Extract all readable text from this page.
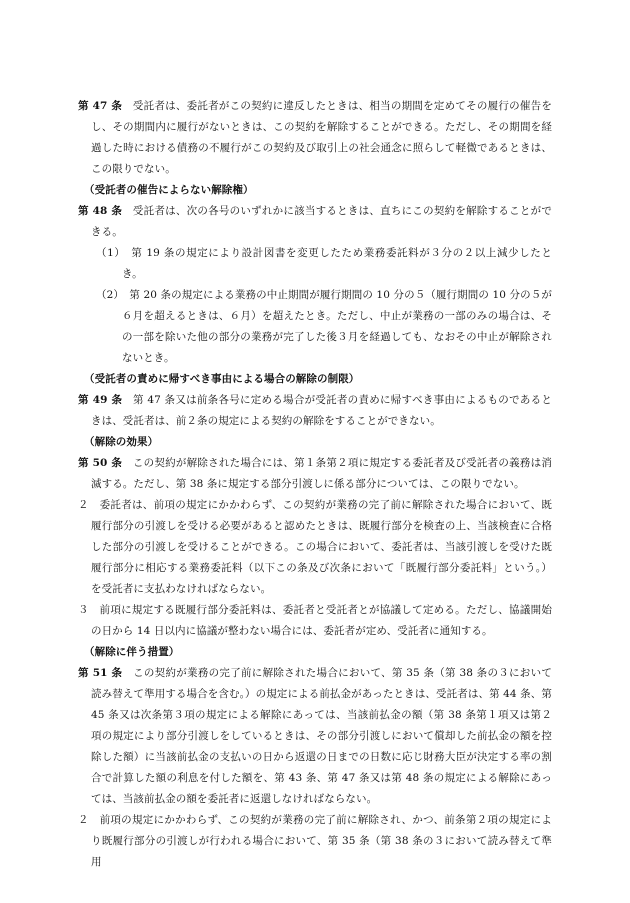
第 47 条　 受託者は、委託者がこの契約に違反したときは、相当の期間を定めてその履行の催告をし、その期間内に履行がないときは、この契約を解除することができる。ただし、その期間を経過した時における債務の不履行がこの契約及び取引上の社会通念に照らして軽微であるときは、この限りでない。

（受託者の催告によらない解除権）

第 48 条　 受託者は、次の各号のいずれかに該当するときは、直ちにこの契約を解除することができる。

（1）　第 19 条の規定により設計図書を変更したため業務委託料が３分の２以上減少したとき。

（2）　第 20 条の規定による業務の中止期間が履行期間の 10 分の５（履行期間の 10 分の５が６月を超えるときは、６月）を超えたとき。ただし、中止が業務の一部のみの場合は、その一部を除いた他の部分の業務が完了した後３月を経過しても、なおその中止が解除されないとき。

（受託者の責めに帰すべき事由による場合の解除の制限）

第 49 条　 第 47 条又は前条各号に定める場合が受託者の責めに帰すべき事由によるものであるときは、受託者は、前２条の規定による契約の解除をすることができない。

（解除の効果）

第 50 条　 この契約が解除された場合には、第１条第２項に規定する委託者及び受託者の義務は消滅する。ただし、第 38 条に規定する部分引渡しに係る部分については、この限りでない。

２　委託者は、前項の規定にかかわらず、この契約が業務の完了前に解除された場合において、既履行部分の引渡しを受ける必要があると認めたときは、既履行部分を検査の上、当該検査に合格した部分の引渡しを受けることができる。この場合において、委託者は、当該引渡しを受けた既履行部分に相応する業務委託料（以下この条及び次条において「既履行部分委託料」という。）を受託者に支払わなければならない。

３　前項に規定する既履行部分委託料は、委託者と受託者とが協議して定める。ただし、協議開始の日から 14 日以内に協議が整わない場合には、委託者が定め、受託者に通知する。

（解除に伴う措置）

第 51 条　 この契約が業務の完了前に解除された場合において、第 35 条（第 38 条の３において読み替えて準用する場合を含む。）の規定による前払金があったときは、受託者は、第 44 条、第 45 条又は次条第３項の規定による解除にあっては、当該前払金の額（第 38 条第１項又は第２項の規定により部分引渡しをしているときは、その部分引渡しにおいて償却した前払金の額を控除した額）に当該前払金の支払いの日から返還の日までの日数に応じ財務大臣が決定する率の割合で計算した額の利息を付した額を、第 43 条、第 47 条又は第 48 条の規定による解除にあっては、当該前払金の額を委託者に返還しなければならない。

２　前項の規定にかかわらず、この契約が業務の完了前に解除され、かつ、前条第２項の規定により既履行部分の引渡しが行われる場合において、第 35 条（第 38 条の３において読み替えて準用
